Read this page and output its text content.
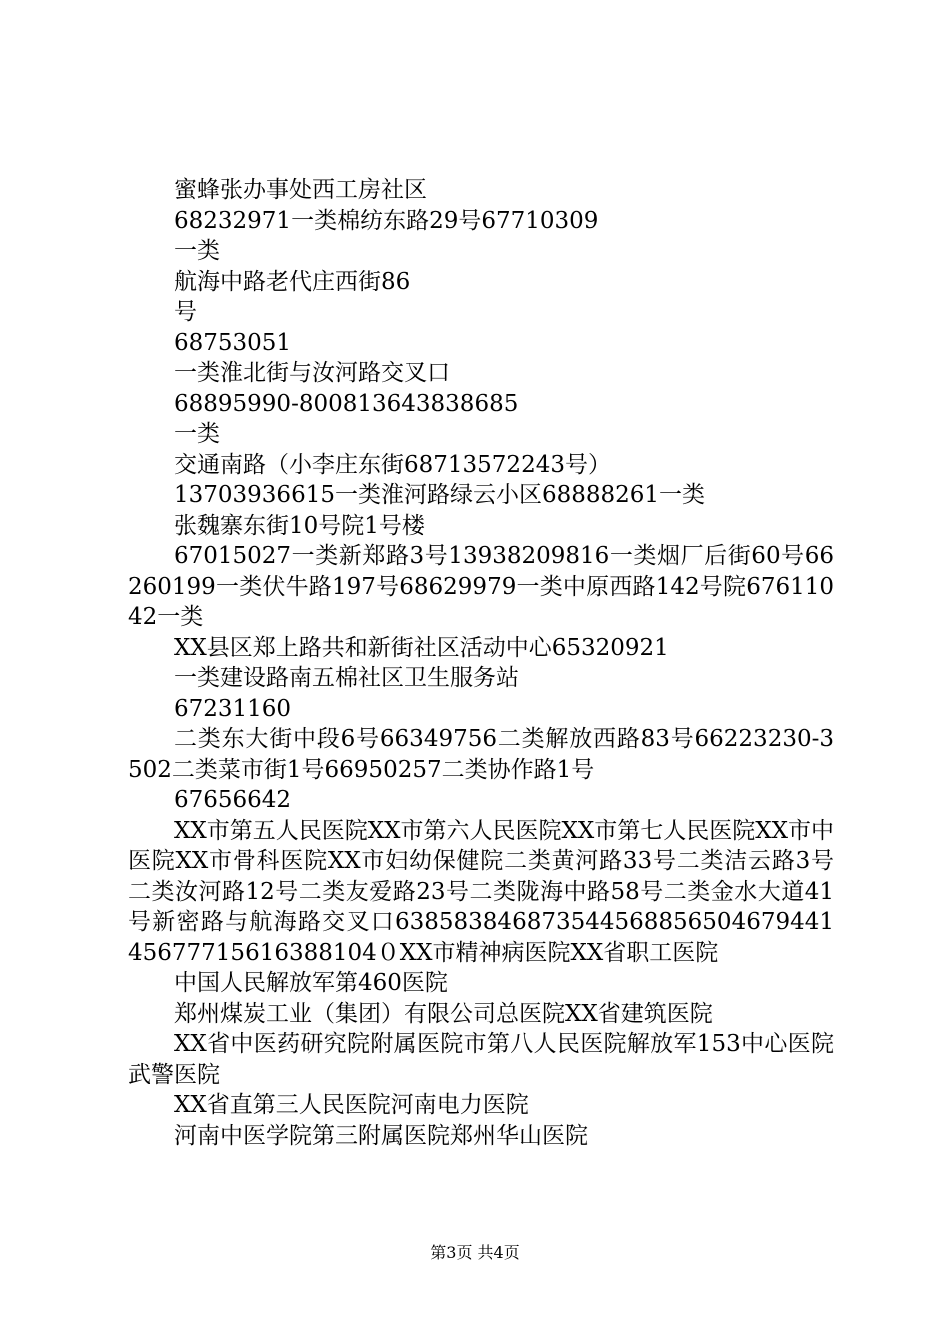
蜜蜂张办事处西工房社区

68232971一类棉纺东路29号67710309

一类

航海中路老代庄西街86

号

68753051

一类淮北街与汝河路交叉口

68895990-800813643838685

一类

交通南路（小李庄东街68713572243号）

13703936615一类淮河路绿云小区68888261一类

张魏寨东街10号院1号楼

67015027一类新郑路3号13938209816一类烟厂后街60号66260199一类伏牛路197号68629979一类中原西路142号院67611042一类

XX县区郑上路共和新街社区活动中心65320921

一类建设路南五棉社区卫生服务站

67231160

二类东大街中段6号66349756二类解放西路83号66223230-3502二类菜市街1号66950257二类协作路1号

67656642

XX市第五人民医院XX市第六人民医院XX市第七人民医院XX市中医院XX市骨科医院XX市妇幼保健院二类黄河路33号二类洁云路3号二类汝河路12号二类友爱路23号二类陇海中路58号二类金水大道41号新密路与航海路交叉口63858384687354456885650467944145677715616388104０XX市精神病医院XX省职工医院

中国人民解放军第460医院

郑州煤炭工业（集团）有限公司总医院XX省建筑医院

XX省中医药研究院附属医院市第八人民医院解放军153中心医院武警医院

XX省直第三人民医院河南电力医院

河南中医学院第三附属医院郑州华山医院

第3页 共4页
